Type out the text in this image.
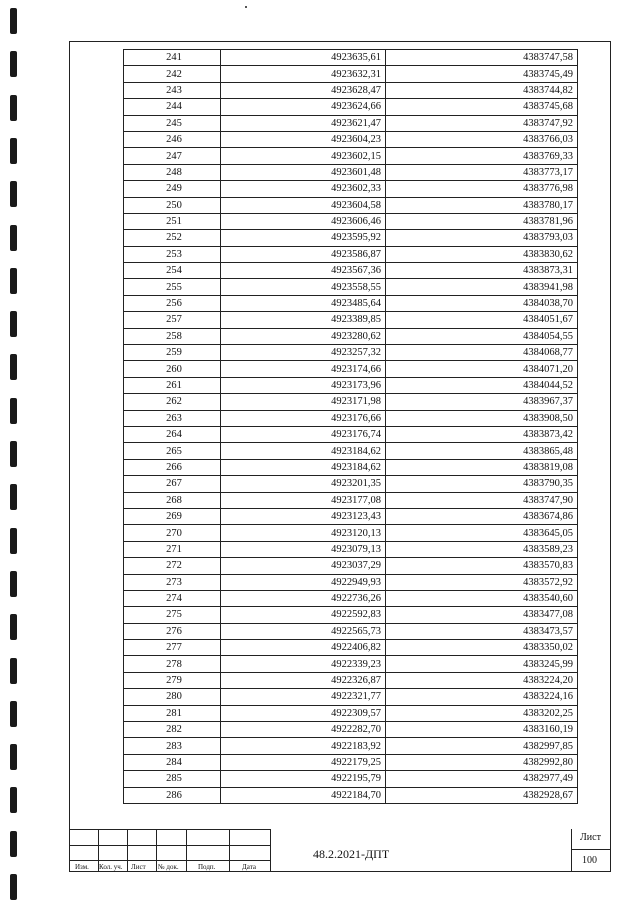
241	4923635,61	4383747,58
242	4923632,31	4383745,49
243	4923628,47	4383744,82
244	4923624,66	4383745,68
245	4923621,47	4383747,92
246	4923604,23	4383766,03
247	4923602,15	4383769,33
248	4923601,48	4383773,17
249	4923602,33	4383776,98
250	4923604,58	4383780,17
251	4923606,46	4383781,96
252	4923595,92	4383793,03
253	4923586,87	4383830,62
254	4923567,36	4383873,31
255	4923558,55	4383941,98
256	4923485,64	4384038,70
257	4923389,85	4384051,67
258	4923280,62	4384054,55
259	4923257,32	4384068,77
260	4923174,66	4384071,20
261	4923173,96	4384044,52
262	4923171,98	4383967,37
263	4923176,66	4383908,50
264	4923176,74	4383873,42
265	4923184,62	4383865,48
266	4923184,62	4383819,08
267	4923201,35	4383790,35
268	4923177,08	4383747,90
269	4923123,43	4383674,86
270	4923120,13	4383645,05
271	4923079,13	4383589,23
272	4923037,29	4383570,83
273	4922949,93	4383572,92
274	4922736,26	4383540,60
275	4922592,83	4383477,08
276	4922565,73	4383473,57
277	4922406,82	4383350,02
278	4922339,23	4383245,99
279	4922326,87	4383224,20
280	4922321,77	4383224,16
281	4922309,57	4383202,25
282	4922282,70	4383160,19
283	4922183,92	4382997,85
284	4922179,25	4382992,80
285	4922195,79	4382977,49
286	4922184,70	4382928,67
Изм. Кол. уч. Лист № док.	Подп.	Дата
48.2.2021-ДПТ
Лист
100
